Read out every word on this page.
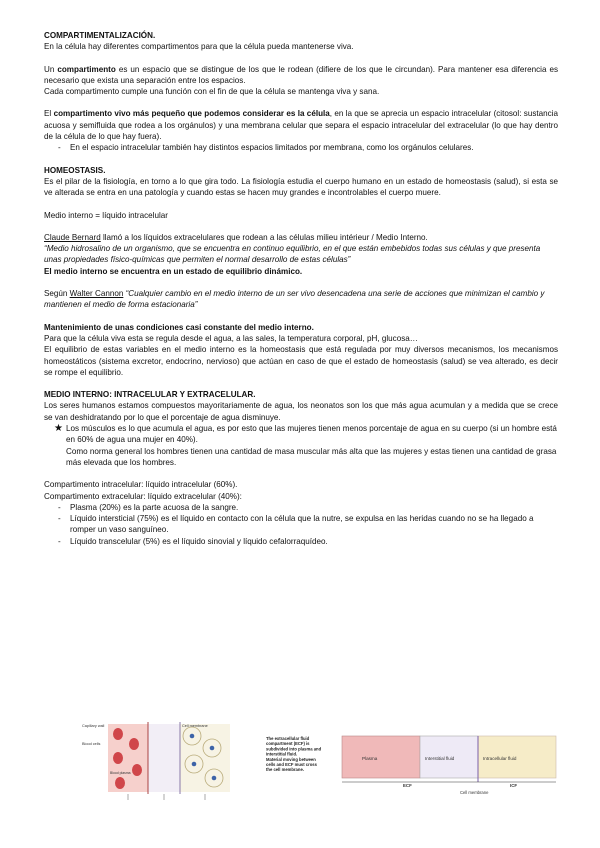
COMPARTIMENTALIZACIÓN.

En la célula hay diferentes compartimentos para que la célula pueda mantenerse viva.

Un compartimento es un espacio que se distingue de los que le rodean (difiere de los que le circundan). Para mantener esa diferencia es necesario que exista una separación entre los espacios.

Cada compartimento cumple una función con el fin de que la célula se mantenga viva y sana.

El compartimento vivo más pequeño que podemos considerar es la célula, en la que se aprecia un espacio intracelular (citosol: sustancia acuosa y semifluida que rodea a los orgánulos) y una membrana celular que separa el espacio intracelular del extracelular (lo que hay dentro de la célula de lo que hay fuera).

-	En el espacio intracelular también hay distintos espacios limitados por membrana, como los orgánulos celulares.

HOMEOSTASIS.

Es el pilar de la fisiología, en torno a lo que gira todo. La fisiología estudia el cuerpo humano en un estado de homeostasis (salud), si esta se ve alterada se entra en una patología y cuando estas se hacen muy grandes e incontrolables el cuerpo muere.

Medio interno = líquido intracelular

Claude Bernard llamó a los líquidos extracelulares que rodean a las células milieu intérieur / Medio Interno.

“Medio hidrosalino de un organismo, que se encuentra en continuo equilibrio, en el que están embebidos todas sus células y que presenta unas propiedades físico-químicas que permiten el normal desarrollo de estas células”

El medio interno se encuentra en un estado de equilibrio dinámico.

Según Walter Cannon “Cualquier cambio en el medio interno de un ser vivo desencadena una serie de acciones que minimizan el cambio y mantienen el medio de forma estacionaria”

Mantenimiento de unas condiciones casi constante del medio interno.

Para que la célula viva esta se regula desde el agua, a las sales, la temperatura corporal, pH, glucosa…

El equilibrio de estas variables en el medio interno es la homeostasis que está regulada por muy diversos mecanismos, los mecanismos homeostáticos (sistema excretor, endocrino, nervioso) que actúan en caso de que el estado de homeostasis (salud) se vea alterado, es decir se rompe el equilibrio.

MEDIO INTERNO: INTRACELULAR Y EXTRACELULAR.

Los seres humanos estamos compuestos mayoritariamente de agua, los neonatos son los que más agua acumulan y a medida que se crece se van deshidratando por lo que el porcentaje de agua disminuye.

★ Los músculos es lo que acumula el agua, es por esto que las mujeres tienen menos porcentaje de agua en su cuerpo (si un hombre está en 60% de agua una mujer en 40%).

Como norma general los hombres tienen una cantidad de masa muscular más alta que las mujeres y estas tienen una cantidad de grasa más elevada que los hombres.

Compartimento intracelular: líquido intracelular (60%).

Compartimento extracelular: líquido extracelular (40%):

-	Plasma (20%) es la parte acuosa de la sangre.
-	Líquido intersticial (75%) es el líquido en contacto con la célula que la nutre, se expulsa en las heridas cuando no se ha llegado a romper un vaso sanguíneo.
-	Líquido transcelular (5%) es el líquido sinovial y líquido cefalorraquídeo.
Capillary wall	Cell membrane
Blood cells
Blood plasma
The extracellular fluid compartment (ECF) is subdivided into plasma and interstitial fluid. Material moving between cells and ECF must cross the cell membrane.
Plasma	Interstitial fluid	Intracellular fluid
ECF	ICF
Cell membrane
